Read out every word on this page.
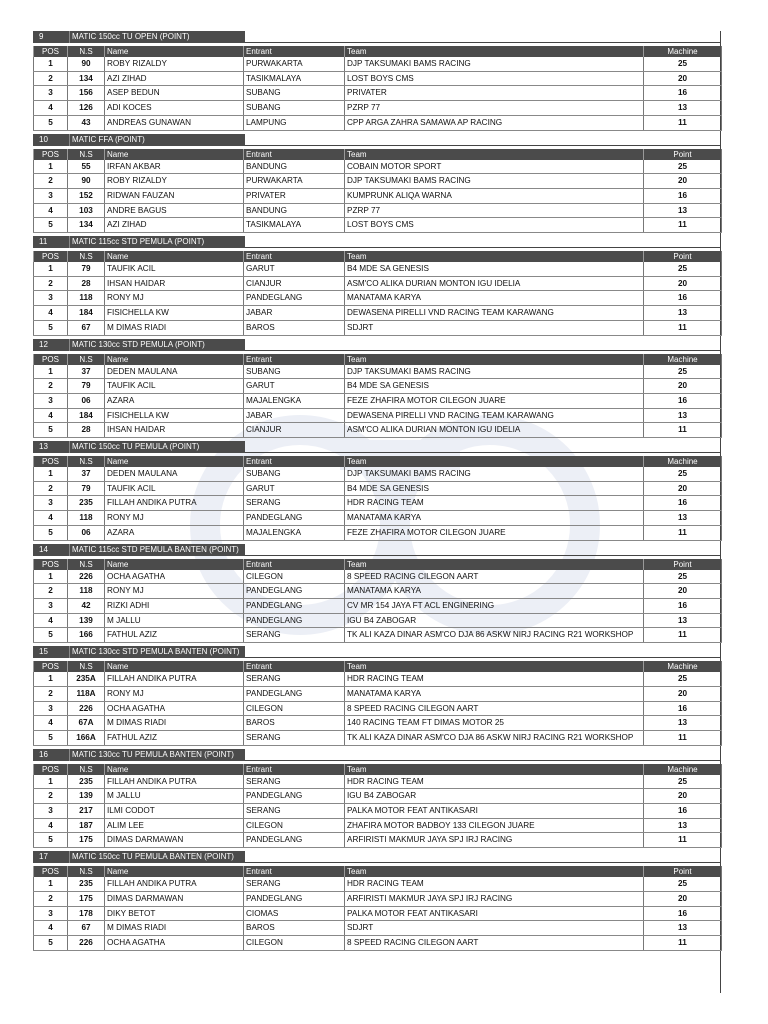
9	MATIC 150cc TU OPEN (POINT)
POS	N.S	Name	Entrant	Team	Machine
1	90	ROBY RIZALDY	PURWAKARTA	DJP TAKSUMAKI BAMS RACING	25
2	134	AZI ZIHAD	TASIKMALAYA	LOST BOYS CMS	20
3	156	ASEP BEDUN	SUBANG	PRIVATER	16
4	126	ADI KOCES	SUBANG	PZRP 77	13
5	43	ANDREAS GUNAWAN	LAMPUNG	CPP ARGA ZAHRA SAMAWA AP RACING	11
10	MATIC FFA (POINT)
POS	N.S	Name	Entrant	Team	Point
1	55	IRFAN AKBAR	BANDUNG	COBAIN MOTOR SPORT	25
2	90	ROBY RIZALDY	PURWAKARTA	DJP TAKSUMAKI BAMS RACING	20
3	152	RIDWAN FAUZAN	PRIVATER	KUMPRUNK ALIQA WARNA	16
4	103	ANDRE BAGUS	BANDUNG	PZRP 77	13
5	134	AZI ZIHAD	TASIKMALAYA	LOST BOYS CMS	11
11	MATIC 115cc STD PEMULA (POINT)
POS	N.S	Name	Entrant	Team	Point
1	79	TAUFIK ACIL	GARUT	B4 MDE SA GENESIS	25
2	28	IHSAN HAIDAR	CIANJUR	ASM'CO ALIKA DURIAN MONTON IGU IDELIA	20
3	118	RONY MJ	PANDEGLANG	MANATAMA KARYA	16
4	184	FISICHELLA KW	JABAR	DEWASENA PIRELLI VND RACING TEAM KARAWANG	13
5	67	M DIMAS RIADI	BAROS	SDJRT	11
12	MATIC 130cc STD PEMULA (POINT)
POS	N.S	Name	Entrant	Team	Machine
1	37	DEDEN MAULANA	SUBANG	DJP TAKSUMAKI BAMS RACING	25
2	79	TAUFIK ACIL	GARUT	B4 MDE SA GENESIS	20
3	06	AZARA	MAJALENGKA	FEZE ZHAFIRA MOTOR CILEGON JUARE	16
4	184	FISICHELLA KW	JABAR	DEWASENA PIRELLI VND RACING TEAM KARAWANG	13
5	28	IHSAN HAIDAR	CIANJUR	ASM'CO ALIKA DURIAN MONTON IGU IDELIA	11
13	MATIC 150cc TU PEMULA (POINT)
POS	N.S	Name	Entrant	Team	Machine
1	37	DEDEN MAULANA	SUBANG	DJP TAKSUMAKI BAMS RACING	25
2	79	TAUFIK ACIL	GARUT	B4 MDE SA GENESIS	20
3	235	FILLAH ANDIKA PUTRA	SERANG	HDR RACING TEAM	16
4	118	RONY MJ	PANDEGLANG	MANATAMA KARYA	13
5	06	AZARA	MAJALENGKA	FEZE ZHAFIRA MOTOR CILEGON JUARE	11
14	MATIC 115cc STD PEMULA BANTEN (POINT)
POS	N.S	Name	Entrant	Team	Point
1	226	OCHA AGATHA	CILEGON	8 SPEED RACING CILEGON AART	25
2	118	RONY MJ	PANDEGLANG	MANATAMA KARYA	20
3	42	RIZKI ADHI	PANDEGLANG	CV MR 154 JAYA FT ACL ENGINERING	16
4	139	M JALLU	PANDEGLANG	IGU B4 ZABOGAR	13
5	166	FATHUL AZIZ	SERANG	TK ALI KAZA DINAR ASM'CO DJA 86 ASKW NIRJ RACING R21 WORKSHOP	11
15	MATIC 130cc STD PEMULA BANTEN (POINT)
POS	N.S	Name	Entrant	Team	Machine
1	235A	FILLAH ANDIKA PUTRA	SERANG	HDR RACING TEAM	25
2	118A	RONY MJ	PANDEGLANG	MANATAMA KARYA	20
3	226	OCHA AGATHA	CILEGON	8 SPEED RACING CILEGON AART	16
4	67A	M DIMAS RIADI	BAROS	140 RACING TEAM FT DIMAS MOTOR 25	13
5	166A	FATHUL AZIZ	SERANG	TK ALI KAZA DINAR ASM'CO DJA 86 ASKW NIRJ RACING R21 WORKSHOP	11
16	MATIC 130cc TU PEMULA BANTEN (POINT)
POS	N.S	Name	Entrant	Team	Machine
1	235	FILLAH ANDIKA PUTRA	SERANG	HDR RACING TEAM	25
2	139	M JALLU	PANDEGLANG	IGU B4 ZABOGAR	20
3	217	ILMI CODOT	SERANG	PALKA MOTOR FEAT ANTIKASARI	16
4	187	ALIM LEE	CILEGON	ZHAFIRA MOTOR BADBOY 133 CILEGON JUARE	13
5	175	DIMAS DARMAWAN	PANDEGLANG	ARFIRISTI MAKMUR JAYA SPJ IRJ RACING	11
17	MATIC 150cc TU PEMULA BANTEN (POINT)
POS	N.S	Name	Entrant	Team	Point
1	235	FILLAH ANDIKA PUTRA	SERANG	HDR RACING TEAM	25
2	175	DIMAS DARMAWAN	PANDEGLANG	ARFIRISTI MAKMUR JAYA SPJ IRJ RACING	20
3	178	DIKY BETOT	CIOMAS	PALKA MOTOR FEAT ANTIKASARI	16
4	67	M DIMAS RIADI	BAROS	SDJRT	13
5	226	OCHA AGATHA	CILEGON	8 SPEED RACING CILEGON AART	11
